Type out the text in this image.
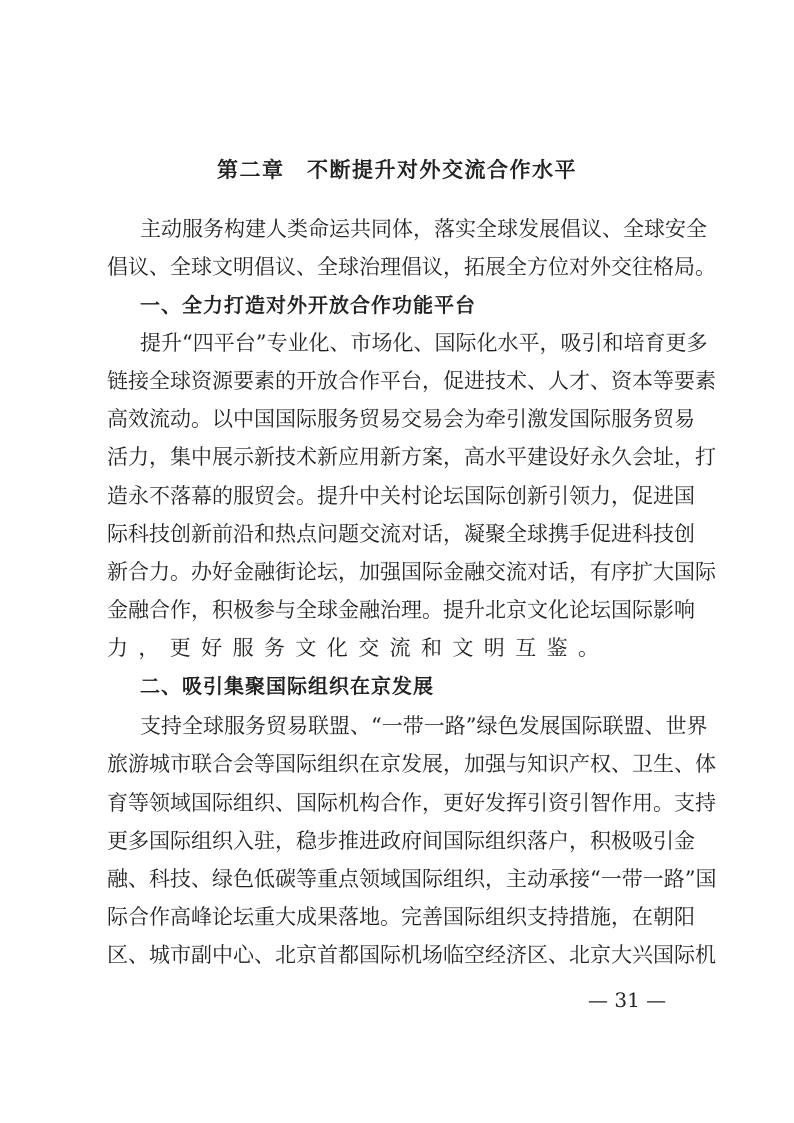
第二章　不断提升对外交流合作水平
主动服务构建人类命运共同体，落实全球发展倡议、全球安全
倡议、全球文明倡议、全球治理倡议，拓展全方位对外交往格局。
一、全力打造对外开放合作功能平台
提升“四平台”专业化、市场化、国际化水平，吸引和培育更多
链接全球资源要素的开放合作平台，促进技术、人才、资本等要素
高效流动。以中国国际服务贸易交易会为牵引激发国际服务贸易
活力，集中展示新技术新应用新方案，高水平建设好永久会址，打
造永不落幕的服贸会。提升中关村论坛国际创新引领力，促进国
际科技创新前沿和热点问题交流对话，凝聚全球携手促进科技创
新合力。办好金融街论坛，加强国际金融交流对话，有序扩大国际
金融合作，积极参与全球金融治理。提升北京文化论坛国际影响
力，更好服务文化交流和文明互鉴。
二、吸引集聚国际组织在京发展
支持全球服务贸易联盟、“一带一路”绿色发展国际联盟、世界
旅游城市联合会等国际组织在京发展，加强与知识产权、卫生、体
育等领域国际组织、国际机构合作，更好发挥引资引智作用。支持
更多国际组织入驻，稳步推进政府间国际组织落户，积极吸引金
融、科技、绿色低碳等重点领域国际组织，主动承接“一带一路”国
际合作高峰论坛重大成果落地。完善国际组织支持措施，在朝阳
区、城市副中心、北京首都国际机场临空经济区、北京大兴国际机
— 31 —
